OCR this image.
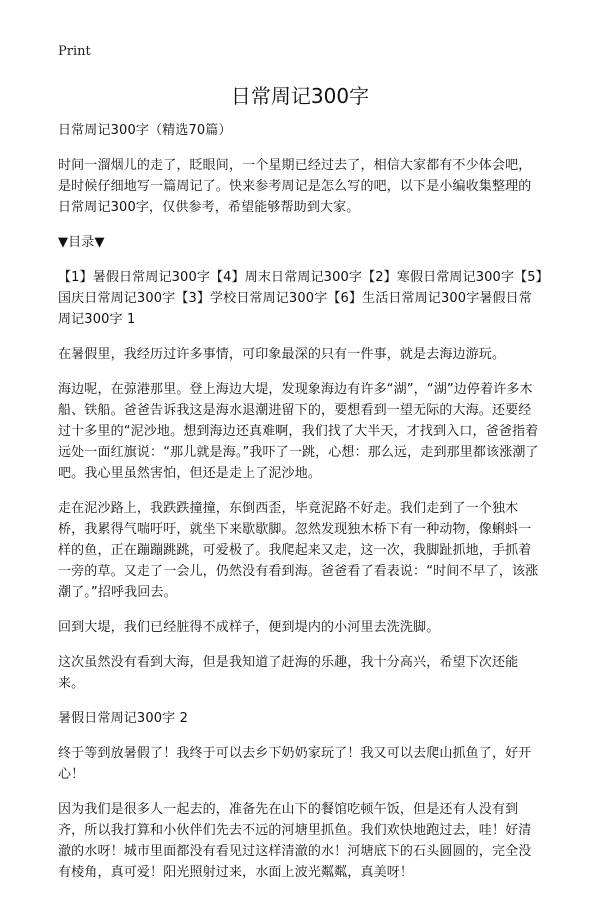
Print
日常周记300字

日常周记300字（精选70篇）

时间一溜烟儿的走了，眨眼间，一个星期已经过去了，相信大家都有不少体会吧，是时候仔细地写一篇周记了。快来参考周记是怎么写的吧，以下是小编收集整理的日常周记300字，仅供参考，希望能够帮助到大家。

▼目录▼

【1】暑假日常周记300字【4】周末日常周记300字【2】寒假日常周记300字【5】国庆日常周记300字【3】学校日常周记300字【6】生活日常周记300字暑假日常周记300字 1

在暑假里，我经历过许多事情，可印象最深的只有一件事，就是去海边游玩。

海边呢，在弶港那里。登上海边大堤，发现象海边有许多“湖”，“湖”边停着许多木船、铁船。爸爸告诉我这是海水退潮进留下的，要想看到一望无际的大海。还要经过十多里的“泥沙地。想到海边还真难啊，我们找了大半天，才找到入口，爸爸指着远处一面红旗说：“那儿就是海。”我吓了一跳，心想：那么远，走到那里都该涨潮了吧。我心里虽然害怕，但还是走上了泥沙地。

走在泥沙路上，我跌跌撞撞，东倒西歪，毕竟泥路不好走。我们走到了一个独木桥，我累得气喘吁吁，就坐下来歇歇脚。忽然发现独木桥下有一种动物，像蝌蚪一样的鱼，正在蹦蹦跳跳，可爱极了。我爬起来又走，这一次，我脚趾抓地，手抓着一旁的草。又走了一会儿，仍然没有看到海。爸爸看了看表说：“时间不早了，该涨潮了。”招呼我回去。

回到大堤，我们已经脏得不成样子，便到堤内的小河里去洗洗脚。

这次虽然没有看到大海，但是我知道了赶海的乐趣，我十分高兴，希望下次还能来。

暑假日常周记300字 2

终于等到放暑假了！我终于可以去乡下奶奶家玩了！我又可以去爬山抓鱼了，好开心！

因为我们是很多人一起去的，准备先在山下的餐馆吃顿午饭，但是还有人没有到齐，所以我打算和小伙伴们先去不远的河塘里抓鱼。我们欢快地跑过去，哇！好清澈的水呀！城市里面都没有看见过这样清澈的水！河塘底下的石头圆圆的，完全没有棱角，真可爱！阳光照射过来，水面上波光粼粼，真美呀！
